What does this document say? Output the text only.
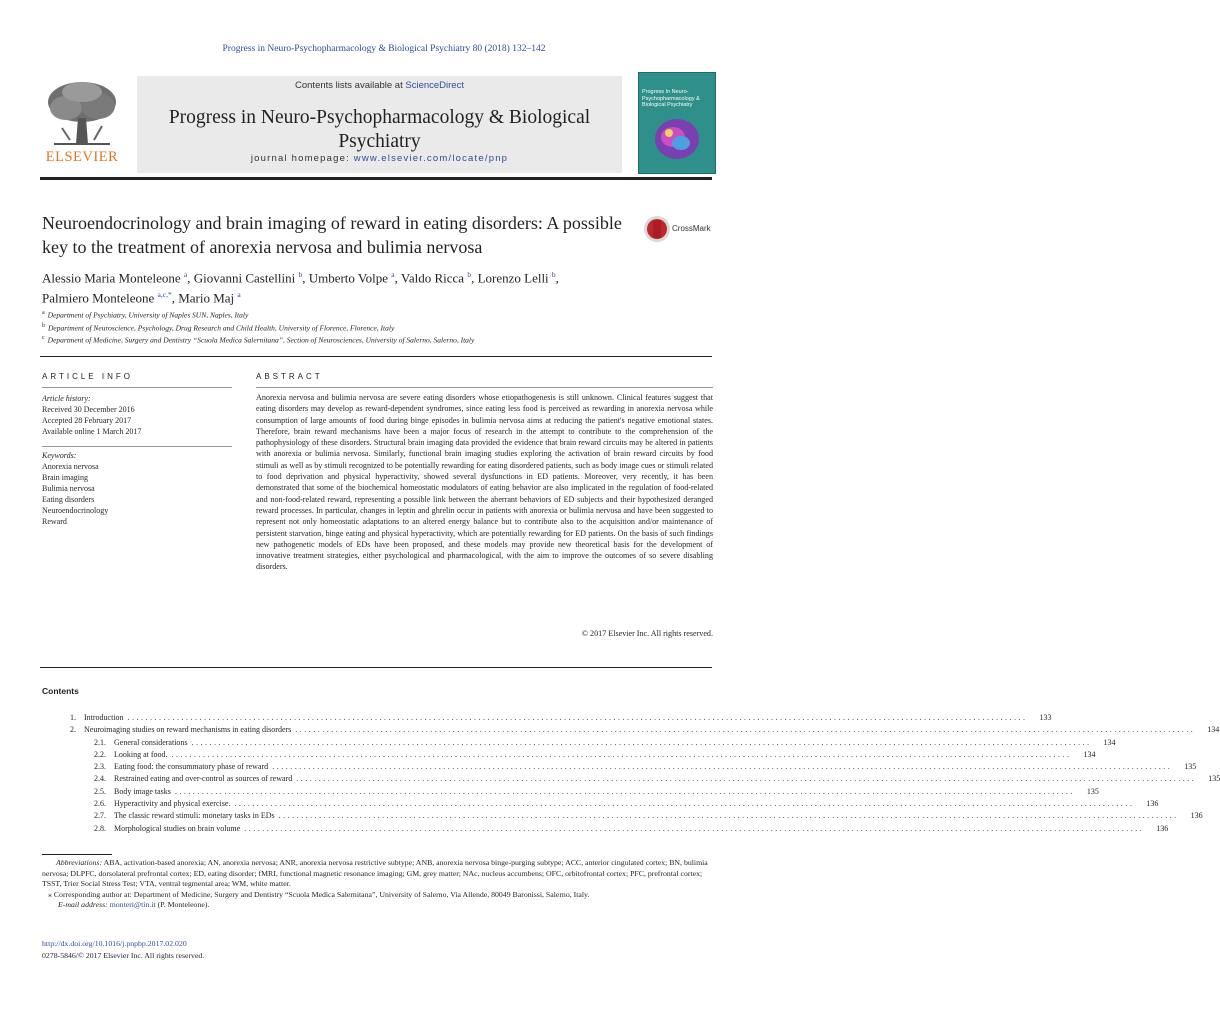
Progress in Neuro-Psychopharmacology & Biological Psychiatry 80 (2018) 132–142
Contents lists available at ScienceDirect
Progress in Neuro-Psychopharmacology & Biological Psychiatry
journal homepage: www.elsevier.com/locate/pnp
ELSEVIER
Progress In Neuro-Psychopharmacology & Biological Psychiatry
Neuroendocrinology and brain imaging of reward in eating disorders: A possible key to the treatment of anorexia nervosa and bulimia nervosa
CrossMark
Alessio Maria Monteleone $^a$, Giovanni Castellini $^b$, Umberto Volpe $^a$, Valdo Ricca $^b$, Lorenzo Lelli $^b$,
Palmiero Monteleone $^{a,c,*}$, Mario Maj $^a$
$^a$ Department of Psychiatry, University of Naples SUN, Naples, Italy
$^b$ Department of Neuroscience, Psychology, Drug Research and Child Health, University of Florence, Florence, Italy
$^c$ Department of Medicine, Surgery and Dentistry “Scuola Medica Salernitana”, Section of Neurosciences, University of Salerno, Salerno, Italy
ARTICLE INFO
Article history:
Received 30 December 2016
Accepted 28 February 2017
Available online 1 March 2017
Keywords:
Anorexia nervosa
Brain imaging
Bulimia nervosa
Eating disorders
Neuroendocrinology
Reward
ABSTRACT
Anorexia nervosa and bulimia nervosa are severe eating disorders whose etiopathogenesis is still unknown. Clinical features suggest that eating disorders may develop as reward-dependent syndromes, since eating less food is perceived as rewarding in anorexia nervosa while consumption of large amounts of food during binge episodes in bulimia nervosa aims at reducing the patient's negative emotional states. Therefore, brain reward mechanisms have been a major focus of research in the attempt to contribute to the comprehension of the pathophysiology of these disorders. Structural brain imaging data provided the evidence that brain reward circuits may be altered in patients with anorexia or bulimia nervosa. Similarly, functional brain imaging studies exploring the activation of brain reward circuits by food stimuli as well as by stimuli recognized to be potentially rewarding for eating disordered patients, such as body image cues or stimuli related to food deprivation and physical hyperactivity, showed several dysfunctions in ED patients. Moreover, very recently, it has been demonstrated that some of the biochemical homeostatic modulators of eating behavior are also implicated in the regulation of food-related and non-food-related reward, representing a possible link between the aberrant behaviors of ED subjects and their hypothesized deranged reward processes. In particular, changes in leptin and ghrelin occur in patients with anorexia or bulimia nervosa and have been suggested to represent not only homeostatic adaptations to an altered energy balance but to contribute also to the acquisition and/or maintenance of persistent starvation, binge eating and physical hyperactivity, which are potentially rewarding for ED patients. On the basis of such findings new pathogenetic models of EDs have been proposed, and these models may provide new theoretical basis for the development of innovative treatment strategies, either psychological and pharmacological, with the aim to improve the outcomes of so severe disabling disorders.
© 2017 Elsevier Inc. All rights reserved.
Contents
1. Introduction ........................................................................................................................................................................................................	133
2. Neuroimaging studies on reward mechanisms in eating disorders ........................................................................................................................................................................................................	134
2.1. General considerations ........................................................................................................................................................................................................	134
2.2. Looking at food. ........................................................................................................................................................................................................	134
2.3. Eating food: the consummatory phase of reward ........................................................................................................................................................................................................	135
2.4. Restrained eating and over-control as sources of reward ........................................................................................................................................................................................................	135
2.5. Body image tasks ........................................................................................................................................................................................................	135
2.6. Hyperactivity and physical exercise. ........................................................................................................................................................................................................	136
2.7. The classic reward stimuli: monetary tasks in EDs ........................................................................................................................................................................................................	136
2.8. Morphological studies on brain volume ........................................................................................................................................................................................................	136
Abbreviations: ABA, activation-based anorexia; AN, anorexia nervosa; ANR, anorexia nervosa restrictive subtype; ANB, anorexia nervosa binge-purging subtype; ACC, anterior cingulated cortex; BN, bulimia nervosa; DLPFC, dorsolateral prefrontal cortex; ED, eating disorder; fMRI, functional magnetic resonance imaging; GM, grey matter; NAc, nucleus accumbens; OFC, orbitofrontal cortex; PFC, prefrontal cortex; TSST, Trier Social Stress Test; VTA, ventral tegmental area; WM, white matter.
⁎ Corresponding author at: Department of Medicine, Surgery and Dentistry “Scuola Medica Salernitana”, University of Salerno, Via Allende, 80049 Baronissi, Salerno, Italy.
E-mail address: monteri@tin.it (P. Monteleone).
http://dx.doi.org/10.1016/j.pnpbp.2017.02.020
0278-5846/© 2017 Elsevier Inc. All rights reserved.
